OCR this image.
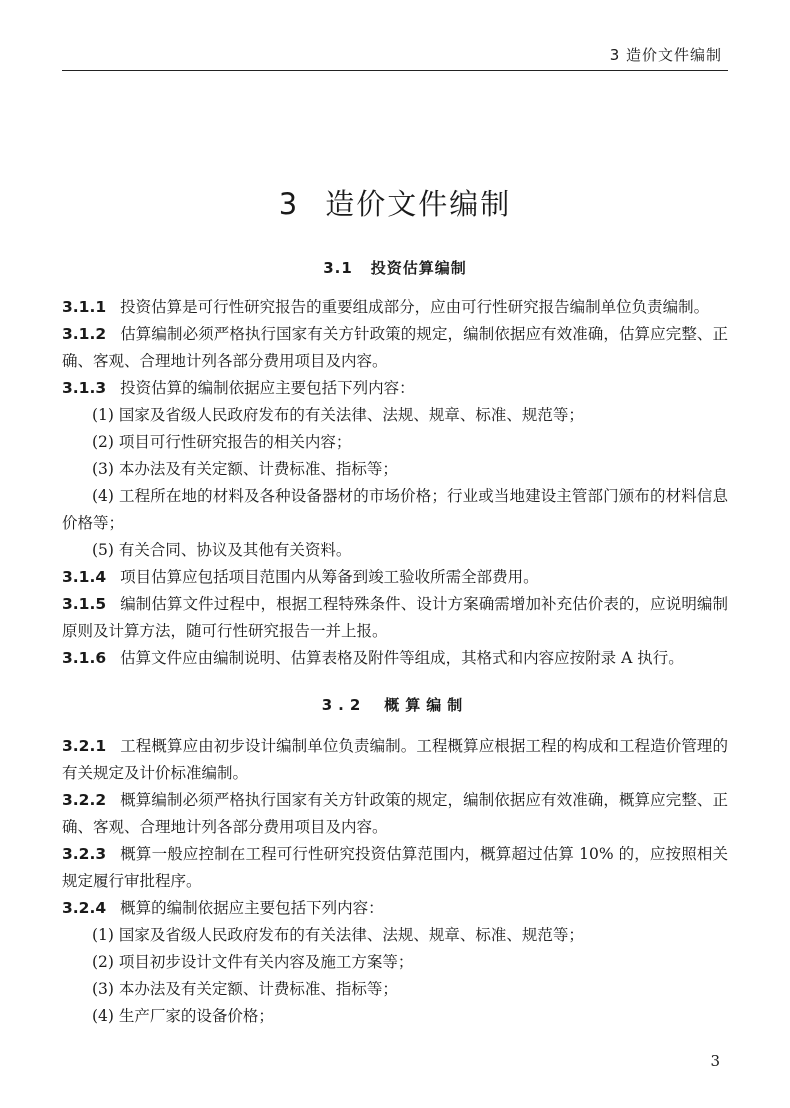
3 造价文件编制
3 造价文件编制
3.1 投资估算编制

3.1.1 投资估算是可行性研究报告的重要组成部分，应由可行性研究报告编制单位负责编制。

3.1.2 估算编制必须严格执行国家有关方针政策的规定，编制依据应有效准确，估算应完整、正确、客观、合理地计列各部分费用项目及内容。

3.1.3 投资估算的编制依据应主要包括下列内容：

(1) 国家及省级人民政府发布的有关法律、法规、规章、标准、规范等；

(2) 项目可行性研究报告的相关内容；

(3) 本办法及有关定额、计费标准、指标等；

(4) 工程所在地的材料及各种设备器材的市场价格；行业或当地建设主管部门颁布的材料信息价格等；

(5) 有关合同、协议及其他有关资料。

3.1.4 项目估算应包括项目范围内从筹备到竣工验收所需全部费用。

3.1.5 编制估算文件过程中，根据工程特殊条件、设计方案确需增加补充估价表的，应说明编制原则及计算方法，随可行性研究报告一并上报。

3.1.6 估算文件应由编制说明、估算表格及附件等组成，其格式和内容应按附录 A 执行。

3.2 概算编制

3.2.1 工程概算应由初步设计编制单位负责编制。工程概算应根据工程的构成和工程造价管理的有关规定及计价标准编制。

3.2.2 概算编制必须严格执行国家有关方针政策的规定，编制依据应有效准确，概算应完整、正确、客观、合理地计列各部分费用项目及内容。

3.2.3 概算一般应控制在工程可行性研究投资估算范围内，概算超过估算 10% 的，应按照相关规定履行审批程序。

3.2.4 概算的编制依据应主要包括下列内容：

(1) 国家及省级人民政府发布的有关法律、法规、规章、标准、规范等；

(2) 项目初步设计文件有关内容及施工方案等；

(3) 本办法及有关定额、计费标准、指标等；

(4) 生产厂家的设备价格；

3
